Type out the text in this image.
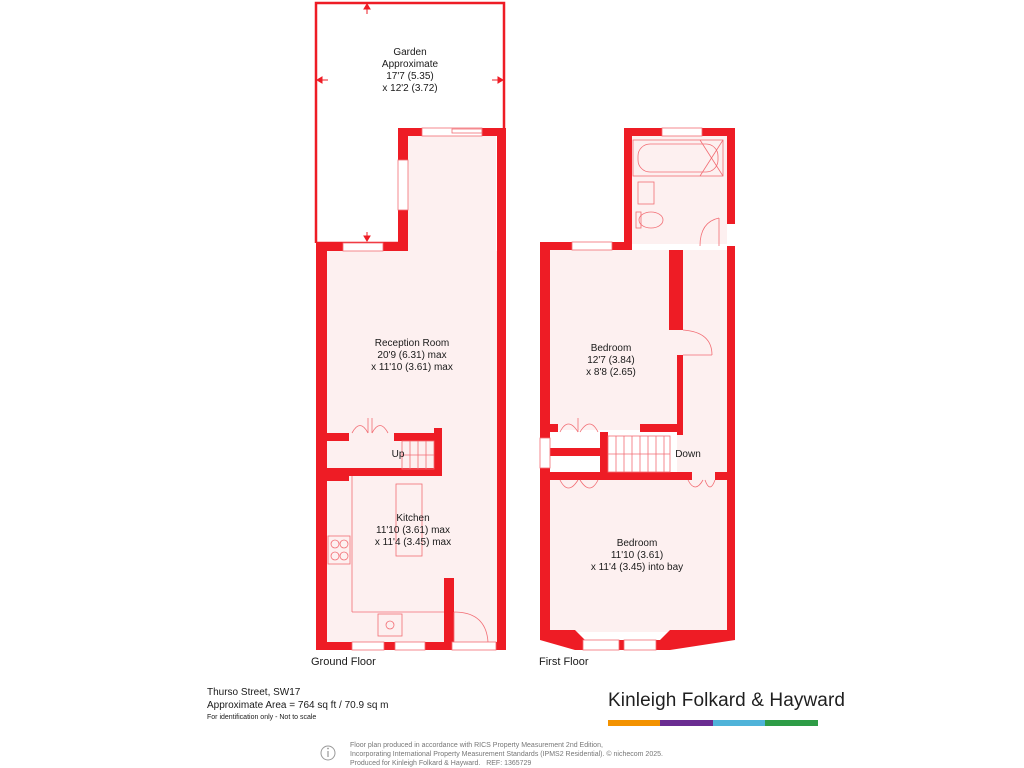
Garden
Approximate
17'7 (5.35)
x 12'2 (3.72)
Reception Room
20'9 (6.31) max
x 11'10 (3.61) max
Kitchen
11'10 (3.61) max
x 11'4 (3.45) max
Up
Bedroom
12'7 (3.84)
x 8'8 (2.65)
Down
Bedroom
11'10 (3.61)
x 11'4 (3.45) into bay
Ground Floor	First Floor
Thurso Street, SW17
Approximate Area = 764 sq ft / 70.9 sq m
For identification only - Not to scale
Kinleigh Folkard & Hayward
Floor plan produced in accordance with RICS Property Measurement 2nd Edition,
Incorporating International Property Measurement Standards (IPMS2 Residential). © nichecom 2025.
Produced for Kinleigh Folkard & Hayward. REF: 1365729
